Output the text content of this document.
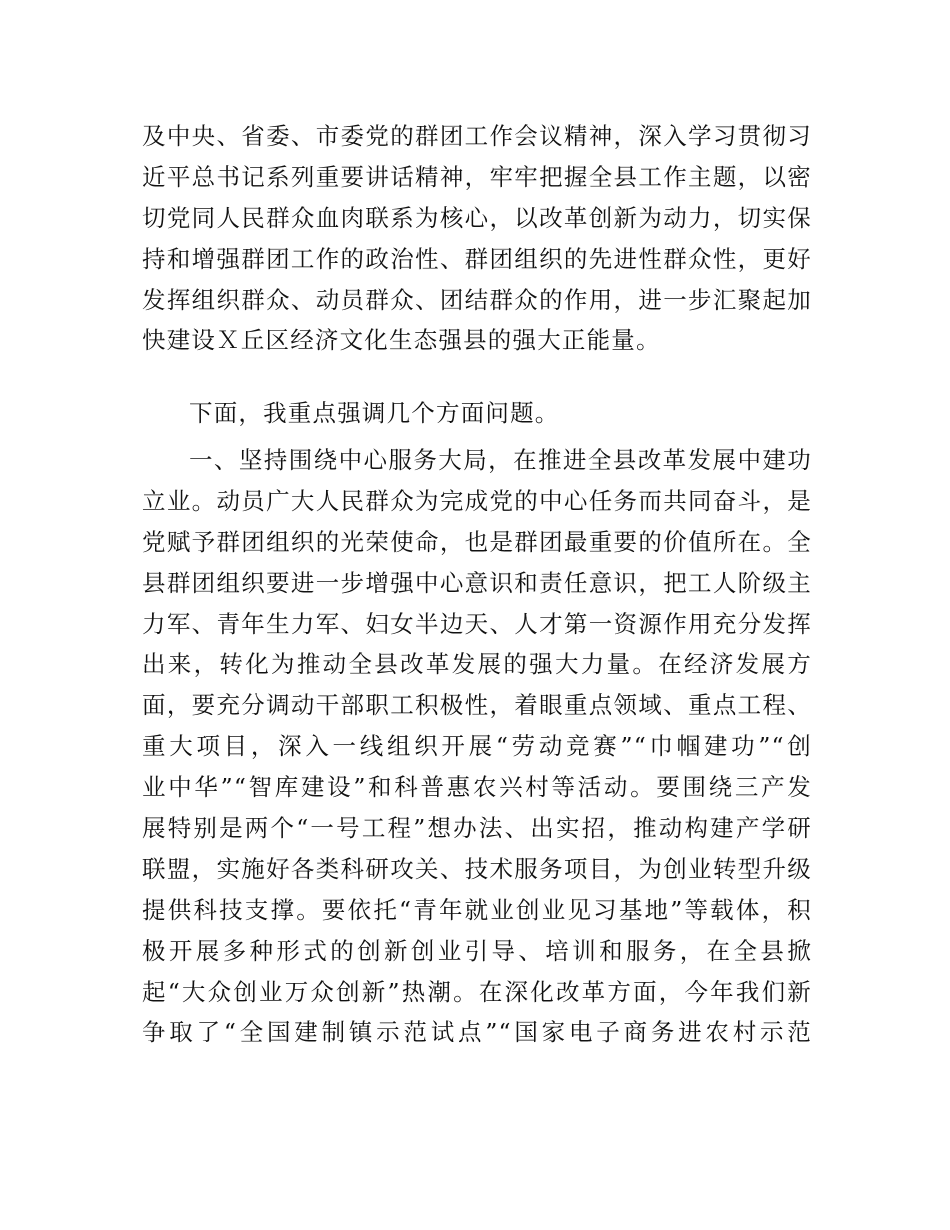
及中央、省委、市委党的群团工作会议精神，深入学习贯彻习
近平总书记系列重要讲话精神，牢牢把握全县工作主题，以密
切党同人民群众血肉联系为核心，以改革创新为动力，切实保
持和增强群团工作的政治性、群团组织的先进性群众性，更好
发挥组织群众、动员群众、团结群众的作用，进一步汇聚起加
快建设Ｘ丘区经济文化生态强县的强大正能量。
下面，我重点强调几个方面问题。
一、坚持围绕中心服务大局，在推进全县改革发展中建功
立业。动员广大人民群众为完成党的中心任务而共同奋斗，是
党赋予群团组织的光荣使命，也是群团最重要的价值所在。全
县群团组织要进一步增强中心意识和责任意识，把工人阶级主
力军、青年生力军、妇女半边天、人才第一资源作用充分发挥
出来，转化为推动全县改革发展的强大力量。在经济发展方
面，要充分调动干部职工积极性，着眼重点领域、重点工程、
重大项目，深入一线组织开展“劳动竞赛”“巾帼建功”“创
业中华”“智库建设”和科普惠农兴村等活动。要围绕三产发
展特别是两个“一号工程”想办法、出实招，推动构建产学研
联盟，实施好各类科研攻关、技术服务项目，为创业转型升级
提供科技支撑。要依托“青年就业创业见习基地”等载体，积
极开展多种形式的创新创业引导、培训和服务，在全县掀
起“大众创业万众创新”热潮。在深化改革方面，今年我们新
争取了“全国建制镇示范试点”“国家电子商务进农村示范
